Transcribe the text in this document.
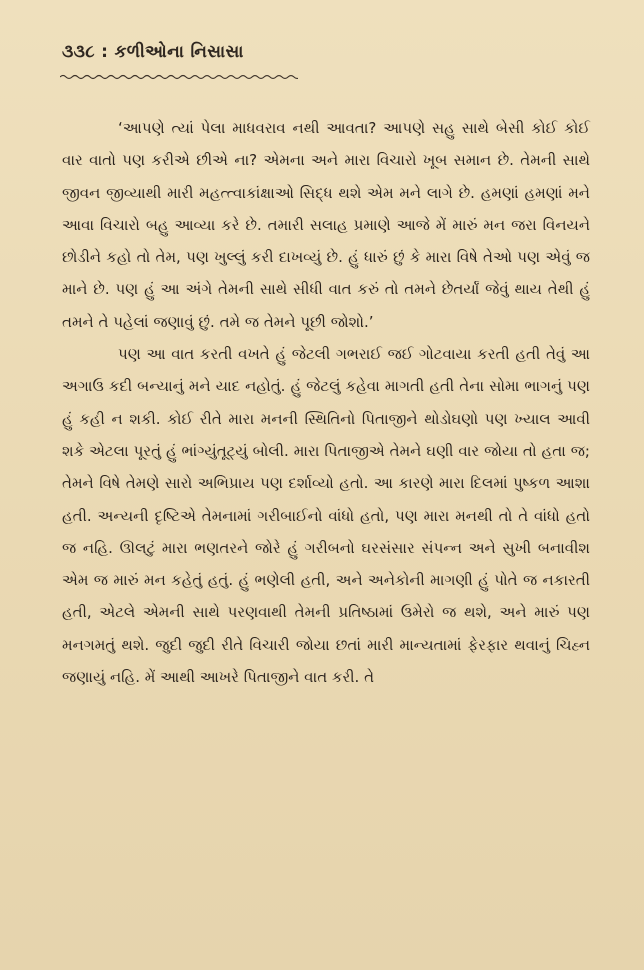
૩૩૮ : કળીઓના નિસાસા

‘આપણે ત્યાં પેલા માધવરાવ નથી આવતા? આપણે સહુ સાથે બેસી કોઈ કોઈ વાર વાતો પણ કરીએ છીએ ના? એમના અને મારા વિચારો ખૂબ સમાન છે. તેમની સાથે જીવન જીવ્યાથી મારી મહત્ત્વાકાંક્ષાઓ સિદ્ધ થશે એમ મને લાગે છે. હમણાં હમણાં મને આવા વિચારો બહુ આવ્યા કરે છે. તમારી સલાહ પ્રમાણે આજે મેં મારું મન જરા વિનયને છોડીને કહો તો તેમ, પણ ખુલ્લું કરી દાખવ્યું છે. હું ધારું છું કે મારા વિષે તેઓ પણ એવું જ માને છે. પણ હું આ અંગે તેમની સાથે સીધી વાત કરું તો તમને છેતર્યાં જેવું થાય તેથી હું તમને તે પહેલાં જણાવું છું. તમે જ તેમને પૂછી જોશો.’

પણ આ વાત કરતી વખતે હું જેટલી ગભરાઈ જઈ ગોટવાયા કરતી હતી તેવું આ અગાઉ કદી બન્યાનું મને યાદ નહોતું. હું જેટલું કહેવા માગતી હતી તેના સોમા ભાગનું પણ હું કહી ન શકી. કોઈ રીતે મારા મનની સ્થિતિનો પિતાજીને થોડોઘણો પણ ખ્યાલ આવી શકે એટલા પૂરતું હું ભાંગ્યુંતૂટ્યું બોલી. મારા પિતાજીએ તેમને ઘણી વાર જોયા તો હતા જ; તેમને વિષે તેમણે સારો અભિપ્રાય પણ દર્શાવ્યો હતો. આ કારણે મારા દિલમાં પુષ્કળ આશા હતી. અન્યની દૃષ્ટિએ તેમનામાં ગરીબાઈનો વાંધો હતો, પણ મારા મનથી તો તે વાંધો હતો જ નહિ. ઊલટું મારા ભણતરને જોરે હું ગરીબનો ઘરસંસાર સંપન્ન અને સુખી બનાવીશ એમ જ મારું મન કહેતું હતું. હું ભણેલી હતી, અને અનેકોની માગણી હું પોતે જ નકારતી હતી, એટલે એમની સાથે પરણવાથી તેમની પ્રતિષ્ઠામાં ઉમેરો જ થશે, અને મારું પણ મનગમતું થશે. જુદી જુદી રીતે વિચારી જોયા છતાં મારી માન્યતામાં ફેરફાર થવાનું ચિહ્ન જણાયું નહિ. મેં આથી આખરે પિતાજીને વાત કરી. તે
